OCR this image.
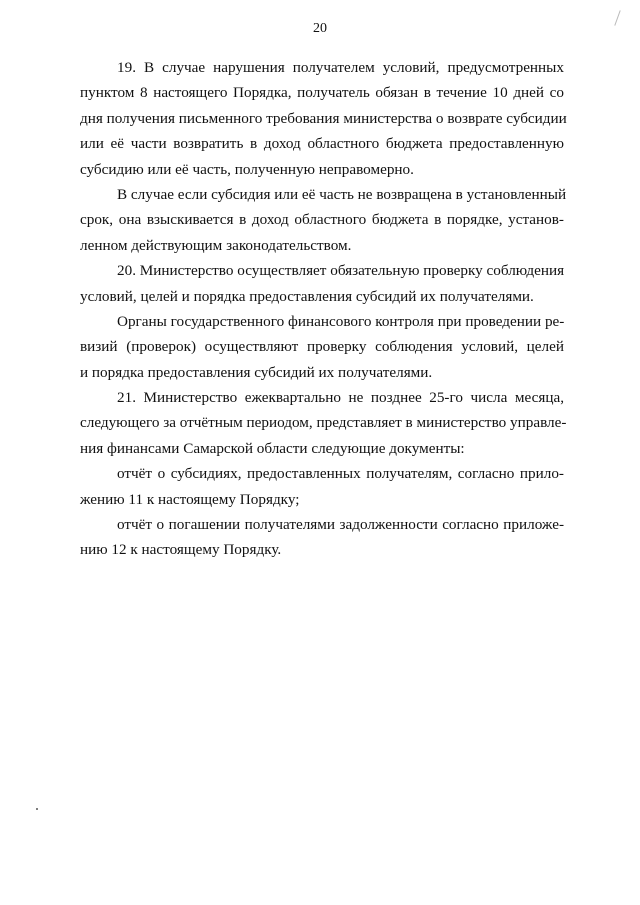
20
19. В случае нарушения получателем условий, предусмотренных
пунктом 8 настоящего Порядка, получатель обязан в течение 10 дней со
дня получения письменного требования министерства о возврате субсидии
или её части возвратить в доход областного бюджета предоставленную
субсидию или её часть, полученную неправомерно.
В случае если субсидия или её часть не возвращена в установленный
срок, она взыскивается в доход областного бюджета в порядке, установ-
ленном действующим законодательством.
20. Министерство осуществляет обязательную проверку соблюдения
условий, целей и порядка предоставления субсидий их получателями.
Органы государственного финансового контроля при проведении ре-
визий (проверок) осуществляют проверку соблюдения условий, целей
и порядка предоставления субсидий их получателями.
21. Министерство ежеквартально не позднее 25-го числа месяца,
следующего за отчётным периодом, представляет в министерство управле-
ния финансами Самарской области следующие документы:
отчёт о субсидиях, предоставленных получателям, согласно прило-
жению 11 к настоящему Порядку;
отчёт о погашении получателями задолженности согласно приложе-
нию 12 к настоящему Порядку.
